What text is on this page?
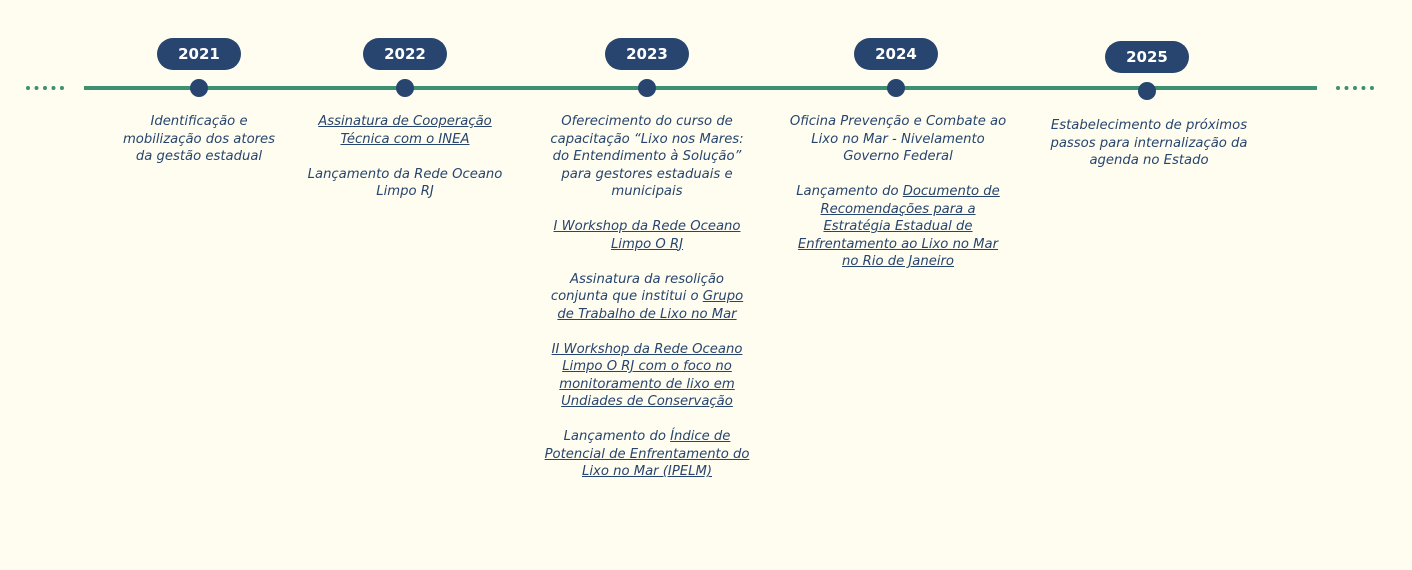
2021

Identificação e mobilização dos atores da gestão estadual

2022

Assinatura de Cooperação Técnica com o INEA

Lançamento da Rede Oceano Limpo RJ

2023

Oferecimento do curso de capacitação “Lixo nos Mares: do Entendimento à Solução” para gestores estaduais e municipais

I Workshop da Rede Oceano Limpo O RJ

Assinatura da resolição conjunta que institui o Grupo de Trabalho de Lixo no Mar

II Workshop da Rede Oceano Limpo O RJ com o foco no monitoramento de lixo em Undiades de Conservação

Lançamento do Índice de Potencial de Enfrentamento do Lixo no Mar (IPELM)

2024

Oficina Prevenção e Combate ao Lixo no Mar - Nivelamento Governo Federal

Lançamento do Documento de Recomendações para a Estratégia Estadual de Enfrentamento ao Lixo no Mar no Rio de Janeiro

2025

Estabelecimento de próximos passos para internalização da agenda no Estado
